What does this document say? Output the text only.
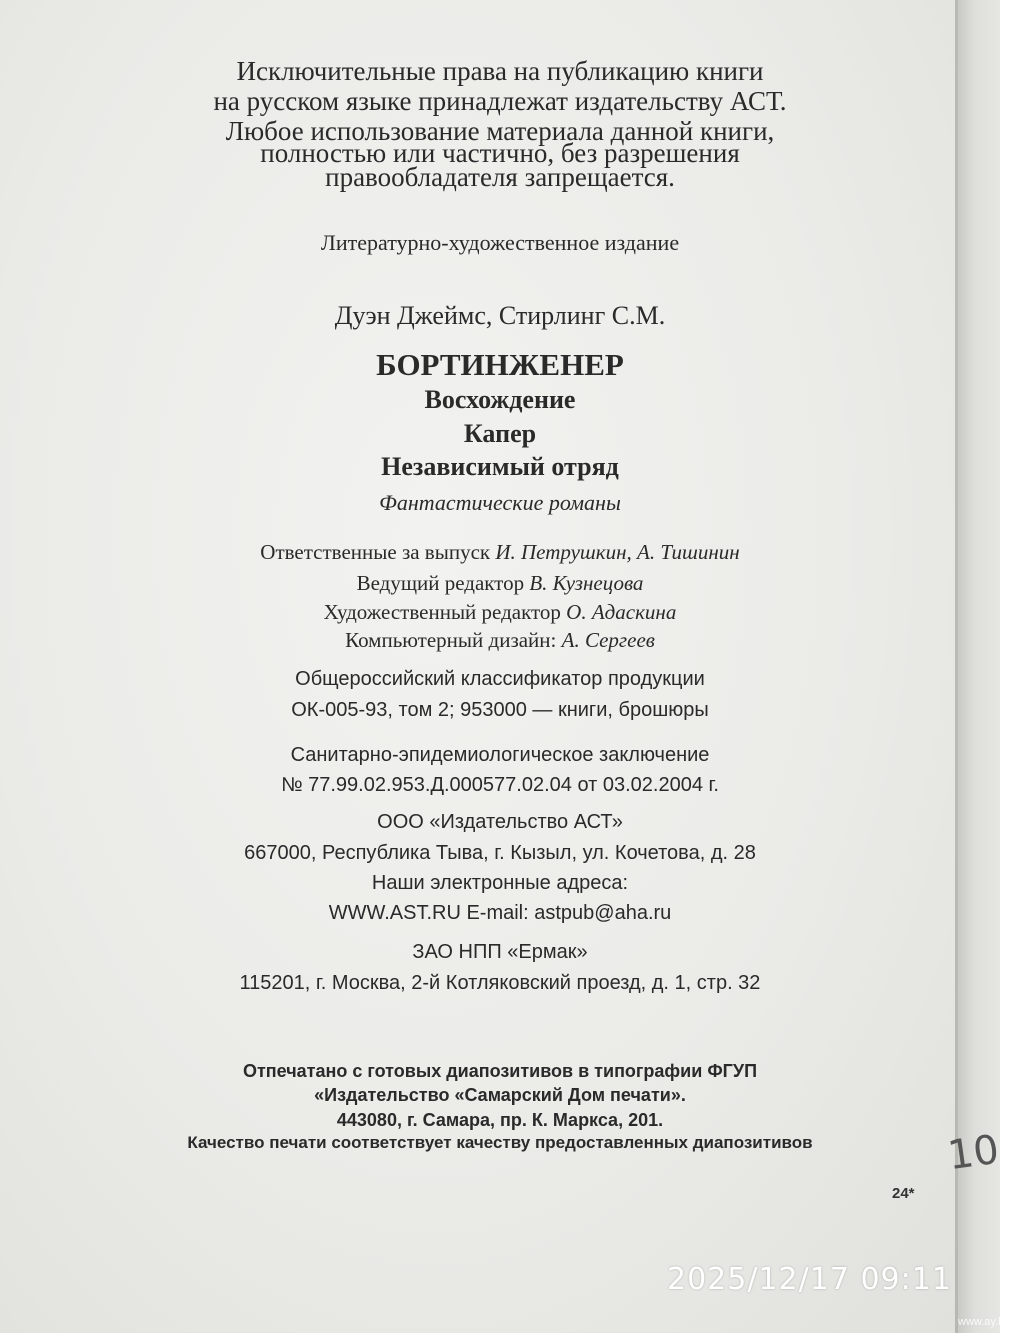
Исключительные права на публикацию книги
на русском языке принадлежат издательству АСТ.
Любое использование материала данной книги,
полностью или частично, без разрешения
правообладателя запрещается.
Литературно-художественное издание
Дуэн Джеймс, Стирлинг С.М.
БОРТИНЖЕНЕР
Восхождение
Капер
Независимый отряд
Фантастические романы
Ответственные за выпуск И. Петрушкин, А. Тишинин
Ведущий редактор В. Кузнецова
Художественный редактор О. Адаскина
Компьютерный дизайн: А. Сергеев
Общероссийский классификатор продукции
ОК-005-93, том 2; 953000 — книги, брошюры
Санитарно-эпидемиологическое заключение
№ 77.99.02.953.Д.000577.02.04 от 03.02.2004 г.
ООО «Издательство АСТ»
667000, Республика Тыва, г. Кызыл, ул. Кочетова, д. 28
Наши электронные адреса:
WWW.AST.RU E-mail: astpub@aha.ru
ЗАО НПП «Ермак»
115201, г. Москва, 2-й Котляковский проезд, д. 1, стр. 32
Отпечатано с готовых диапозитивов в типографии ФГУП
«Издательство «Самарский Дом печати».
443080, г. Самара, пр. К. Маркса, 201.
Качество печати соответствует качеству предоставленных диапозитивов	10
24*
2025/12/17 09:11
www.ay.by
